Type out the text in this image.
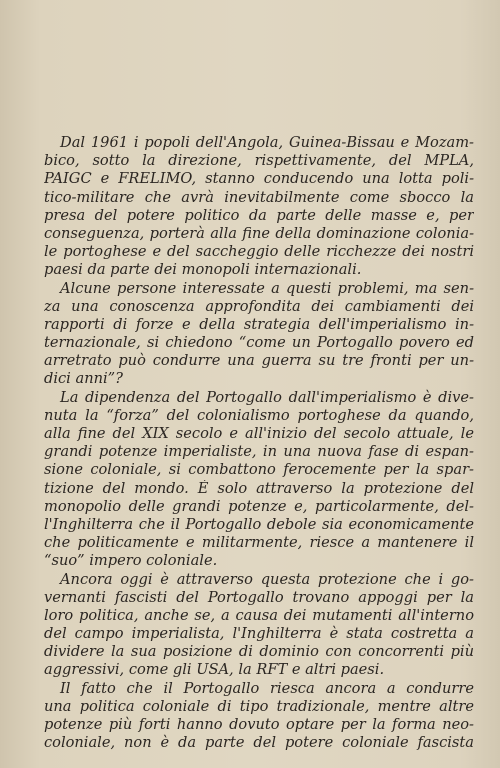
Dal 1961 i popoli dell'Angola, Guinea-Bissau e Mozam-
bico, sotto la direzione, rispettivamente, del MPLA,
PAIGC e FRELIMO, stanno conducendo una lotta poli-
tico-militare che avrà inevitabilmente come sbocco la
presa del potere politico da parte delle masse e, per
conseguenza, porterà alla fine della dominazione colonia-
le portoghese e del saccheggio delle ricchezze dei nostri
paesi da parte dei monopoli internazionali.
Alcune persone interessate a questi problemi, ma sen-
za una conoscenza approfondita dei cambiamenti dei
rapporti di forze e della strategia dell'imperialismo in-
ternazionale, si chiedono “come un Portogallo povero ed
arretrato può condurre una guerra su tre fronti per un-
dici anni”?
La dipendenza del Portogallo dall'imperialismo è dive-
nuta la “forza” del colonialismo portoghese da quando,
alla fine del XIX secolo e all'inizio del secolo attuale, le
grandi potenze imperialiste, in una nuova fase di espan-
sione coloniale, si combattono ferocemente per la spar-
tizione del mondo. È solo attraverso la protezione del
monopolio delle grandi potenze e, particolarmente, del-
l'Inghilterra che il Portogallo debole sia economicamente
che politicamente e militarmente, riesce a mantenere il
“suo” impero coloniale.
Ancora oggi è attraverso questa protezione che i go-
vernanti fascisti del Portogallo trovano appoggi per la
loro politica, anche se, a causa dei mutamenti all'interno
del campo imperialista, l'Inghilterra è stata costretta a
dividere la sua posizione di dominio con concorrenti più
aggressivi, come gli USA, la RFT e altri paesi.
Il fatto che il Portogallo riesca ancora a condurre
una politica coloniale di tipo tradizionale, mentre altre
potenze più forti hanno dovuto optare per la forma neo-
coloniale, non è da parte del potere coloniale fascista
